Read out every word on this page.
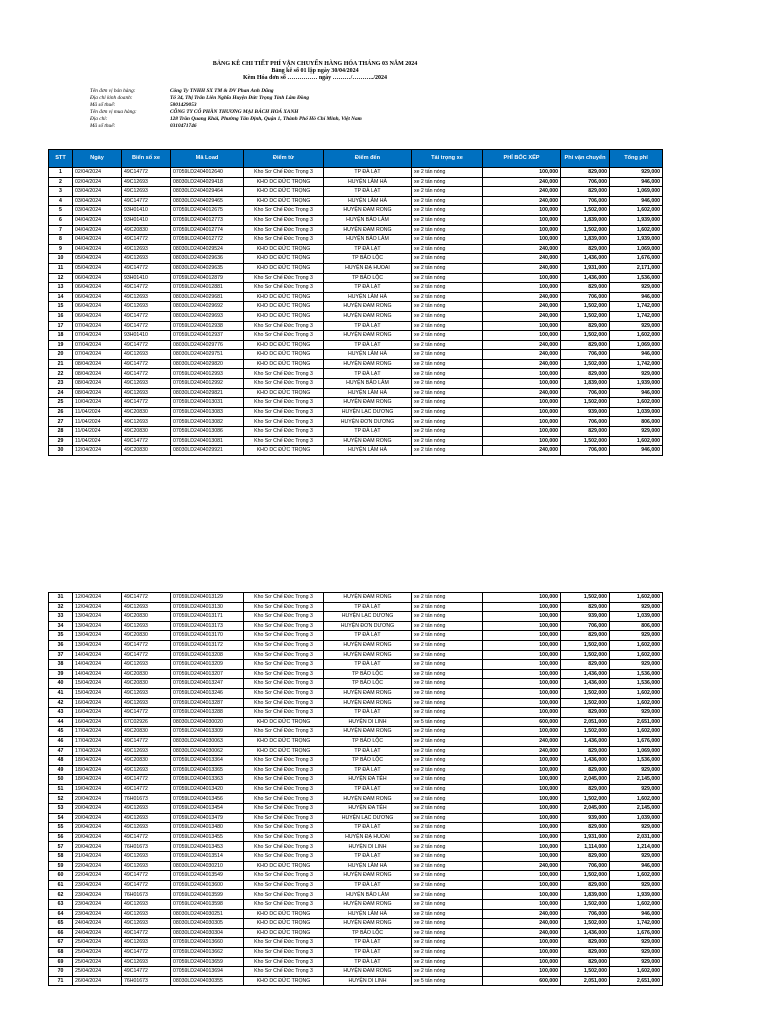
BẢNG KÊ CHI TIẾT PHÍ VẬN CHUYỂN HÀNG HÓA THÁNG 03 NĂM 2024
Bảng kê số 01 lập ngày 30/04/2024
Kèm Hóa đơn số …………… ngày ………/………../2024
Tên đơn vị bán hàng:	Công Ty TNHH SX TM & DV Phan Anh Dũng
Địa chỉ kinh doanh:	Tổ 34, Thị Trấn Liên Nghĩa Huyện Đức Trọng Tỉnh Lâm Đồng
Mã số thuế:	5801429053
Tên đơn vị mua hàng:	CÔNG TY CỔ PHẦN THƯƠNG MẠI BÁCH HOÁ XANH
Địa chỉ:	128 Trần Quang Khải, Phường Tân Định, Quận 1, Thành Phố Hồ Chí Minh, Việt Nam
Mã số thuế:	0310471746
STT	Ngày	Biển số xe	Mã Load	Điểm từ	Điểm đến	Tải trọng xe	PHÍ BỐC XẾP	Phí vận chuyển	Tổng phí
1	02/04/2024	49C14772	07059LD2404012640	Kho Sơ Chế Đức Trọng 3	TP ĐÀ LẠT	xe 2 tấn nóng	100,000	829,000	929,000
2	02/04/2024	49C12693	08030LD2404029418	KHO DC ĐỨC TRỌNG	HUYỆN LÂM HÀ	xe 2 tấn nóng	240,000	706,000	946,000
3	03/04/2024	49C12693	08030LD2404029464	KHO DC ĐỨC TRỌNG	TP ĐÀ LẠT	xe 2 tấn nóng	240,000	829,000	1,069,000
4	03/04/2024	49C14772	08030LD2404029465	KHO DC ĐỨC TRỌNG	HUYỆN LÂM HÀ	xe 2 tấn nóng	240,000	706,000	946,000
5	03/04/2024	93H01410	07059LD2404012675	Kho Sơ Chế Đức Trọng 3	HUYỆN ĐAM RONG	xe 2 tấn nóng	100,000	1,502,000	1,602,000
6	04/04/2024	93H01410	07059LD2404012773	Kho Sơ Chế Đức Trọng 3	HUYỆN BẢO LÂM	xe 2 tấn nóng	100,000	1,839,000	1,939,000
7	04/04/2024	49C20830	07059LD2404012774	Kho Sơ Chế Đức Trọng 3	HUYỆN ĐAM RONG	xe 2 tấn nóng	100,000	1,502,000	1,602,000
8	04/04/2024	49C14772	07059LD2404012772	Kho Sơ Chế Đức Trọng 3	HUYỆN BẢO LÂM	xe 2 tấn nóng	100,000	1,839,000	1,939,000
9	04/04/2024	49C12693	08030LD2404029524	KHO DC ĐỨC TRỌNG	TP ĐÀ LẠT	xe 2 tấn nóng	240,000	829,000	1,069,000
10	05/04/2024	49C12693	08030LD2404029636	KHO DC ĐỨC TRỌNG	TP BẢO LỘC	xe 2 tấn nóng	240,000	1,436,000	1,676,000
11	05/04/2024	49C14772	08030LD2404029635	KHO DC ĐỨC TRỌNG	HUYỆN ĐẠ HUOAI	xe 2 tấn nóng	240,000	1,931,000	2,171,000
12	06/04/2024	93H01410	07059LD2404012879	Kho Sơ Chế Đức Trọng 3	TP BẢO LỘC	xe 2 tấn nóng	100,000	1,436,000	1,536,000
13	06/04/2024	49C14772	07059LD2404012881	Kho Sơ Chế Đức Trọng 3	TP ĐÀ LẠT	xe 2 tấn nóng	100,000	829,000	929,000
14	06/04/2024	49C12693	08030LD2404029681	KHO DC ĐỨC TRỌNG	HUYỆN LÂM HÀ	xe 2 tấn nóng	240,000	706,000	946,000
15	06/04/2024	49C12693	08030LD2404029692	KHO DC ĐỨC TRỌNG	HUYỆN ĐAM RONG	xe 2 tấn nóng	240,000	1,502,000	1,742,000
16	06/04/2024	49C14772	08030LD2404029693	KHO DC ĐỨC TRỌNG	HUYỆN ĐAM RONG	xe 2 tấn nóng	240,000	1,502,000	1,742,000
17	07/04/2024	49C14772	07059LD2404012938	Kho Sơ Chế Đức Trọng 3	TP ĐÀ LẠT	xe 2 tấn nóng	100,000	829,000	929,000
18	07/04/2024	93H01410	07059LD2404012937	Kho Sơ Chế Đức Trọng 3	HUYỆN ĐAM RONG	xe 2 tấn nóng	100,000	1,502,000	1,602,000
19	07/04/2024	49C14772	08030LD2404029776	KHO DC ĐỨC TRỌNG	TP ĐÀ LẠT	xe 2 tấn nóng	240,000	829,000	1,069,000
20	07/04/2024	49C12693	08030LD2404029751	KHO DC ĐỨC TRỌNG	HUYỆN LÂM HÀ	xe 2 tấn nóng	240,000	706,000	946,000
21	08/04/2024	49C14772	08030LD2404029820	KHO DC ĐỨC TRỌNG	HUYỆN ĐAM RONG	xe 2 tấn nóng	240,000	1,502,000	1,742,000
22	08/04/2024	49C14772	07059LD2404012993	Kho Sơ Chế Đức Trọng 3	TP ĐÀ LẠT	xe 2 tấn nóng	100,000	829,000	929,000
23	08/04/2024	49C12693	07059LD2404012992	Kho Sơ Chế Đức Trọng 3	HUYỆN BẢO LÂM	xe 2 tấn nóng	100,000	1,839,000	1,939,000
24	08/04/2024	49C12693	08030LD2404029821	KHO DC ĐỨC TRỌNG	HUYỆN LÂM HÀ	xe 2 tấn nóng	240,000	706,000	946,000
25	10/04/2024	49C14772	07059LD2404013031	Kho Sơ Chế Đức Trọng 3	HUYỆN ĐAM RONG	xe 2 tấn nóng	100,000	1,502,000	1,602,000
26	11/04/2024	49C20830	07059LD2404013083	Kho Sơ Chế Đức Trọng 3	HUYỆN LẠC DƯƠNG	xe 2 tấn nóng	100,000	939,000	1,039,000
27	11/04/2024	49C12693	07059LD2404013082	Kho Sơ Chế Đức Trọng 3	HUYỆN ĐƠN DƯƠNG	xe 2 tấn nóng	100,000	706,000	806,000
28	11/04/2024	49C20830	07059LD2404013086	Kho Sơ Chế Đức Trọng 3	TP ĐÀ LẠT	xe 2 tấn nóng	100,000	829,000	929,000
29	11/04/2024	49C14772	07059LD2404013081	Kho Sơ Chế Đức Trọng 3	HUYỆN ĐAM RONG	xe 2 tấn nóng	100,000	1,502,000	1,602,000
30	12/04/2024	49C20830	08030LD2404029921	KHO DC ĐỨC TRỌNG	HUYỆN LÂM HÀ	xe 2 tấn nóng	240,000	706,000	946,000
31	12/04/2024	49C14772	07059LD2404013129	Kho Sơ Chế Đức Trọng 3	HUYỆN ĐAM RONG	xe 2 tấn nóng	100,000	1,502,000	1,602,000
32	12/04/2024	49C12693	07059LD2404013130	Kho Sơ Chế Đức Trọng 3	TP ĐÀ LẠT	xe 2 tấn nóng	100,000	829,000	929,000
33	13/04/2024	49C20830	07059LD2404013171	Kho Sơ Chế Đức Trọng 3	HUYỆN LẠC DƯƠNG	xe 2 tấn nóng	100,000	939,000	1,039,000
34	13/04/2024	49C12693	07059LD2404013173	Kho Sơ Chế Đức Trọng 3	HUYỆN ĐƠN DƯƠNG	xe 2 tấn nóng	100,000	706,000	806,000
35	13/04/2024	49C20830	07059LD2404013170	Kho Sơ Chế Đức Trọng 3	TP ĐÀ LẠT	xe 2 tấn nóng	100,000	829,000	929,000
36	13/04/2024	49C14772	07059LD2404013172	Kho Sơ Chế Đức Trọng 3	HUYỆN ĐAM RONG	xe 2 tấn nóng	100,000	1,502,000	1,602,000
37	14/04/2024	49C14772	07059LD2404013208	Kho Sơ Chế Đức Trọng 3	HUYỆN ĐAM RONG	xe 2 tấn nóng	100,000	1,502,000	1,602,000
38	14/04/2024	49C12693	07059LD2404013209	Kho Sơ Chế Đức Trọng 3	TP ĐÀ LẠT	xe 2 tấn nóng	100,000	829,000	929,000
39	14/04/2024	49C20830	07059LD2404013207	Kho Sơ Chế Đức Trọng 3	TP BẢO LỘC	xe 2 tấn nóng	100,000	1,436,000	1,536,000
40	15/04/2024	49C20830	07059LD2404013247	Kho Sơ Chế Đức Trọng 3	TP BẢO LỘC	xe 2 tấn nóng	100,000	1,436,000	1,536,000
41	15/04/2024	49C12693	07059LD2404013246	Kho Sơ Chế Đức Trọng 3	HUYỆN ĐAM RONG	xe 2 tấn nóng	100,000	1,502,000	1,602,000
42	16/04/2024	49C12693	07059LD2404013287	Kho Sơ Chế Đức Trọng 3	HUYỆN ĐAM RONG	xe 2 tấn nóng	100,000	1,502,000	1,602,000
43	16/04/2024	49C14772	07059LD2404013288	Kho Sơ Chế Đức Trọng 3	TP ĐÀ LẠT	xe 2 tấn nóng	100,000	829,000	929,000
44	16/04/2024	67C02926	08030LD2404030020	KHO DC ĐỨC TRỌNG	HUYỆN DI LINH	xe 5 tấn nóng	600,000	2,051,000	2,651,000
45	17/04/2024	49C20830	07059LD2404013309	Kho Sơ Chế Đức Trọng 3	HUYỆN ĐAM RONG	xe 2 tấn nóng	100,000	1,502,000	1,602,000
46	17/04/2024	49C14772	08030LD2404030063	KHO DC ĐỨC TRỌNG	TP BẢO LỘC	xe 2 tấn nóng	240,000	1,436,000	1,676,000
47	17/04/2024	49C12693	08030LD2404030062	KHO DC ĐỨC TRỌNG	TP ĐÀ LẠT	xe 2 tấn nóng	240,000	829,000	1,069,000
48	18/04/2024	49C20830	07059LD2404013364	Kho Sơ Chế Đức Trọng 3	TP BẢO LỘC	xe 2 tấn nóng	100,000	1,436,000	1,536,000
49	18/04/2024	49C12693	07059LD2404013365	Kho Sơ Chế Đức Trọng 3	TP ĐÀ LẠT	xe 2 tấn nóng	100,000	829,000	929,000
50	18/04/2024	49C14772	07059LD2404013363	Kho Sơ Chế Đức Trọng 3	HUYỆN ĐA TẺH	xe 2 tấn nóng	100,000	2,045,000	2,145,000
51	19/04/2024	49C14772	07059LD2404013420	Kho Sơ Chế Đức Trọng 3	TP ĐÀ LẠT	xe 2 tấn nóng	100,000	829,000	929,000
52	20/04/2024	76H01673	07059LD2404013456	Kho Sơ Chế Đức Trọng 3	HUYỆN ĐAM RONG	xe 2 tấn nóng	100,000	1,502,000	1,602,000
53	20/04/2024	49C12693	07059LD2404013454	Kho Sơ Chế Đức Trọng 3	HUYỆN ĐA TẺH	xe 2 tấn nóng	100,000	2,045,000	2,145,000
54	20/04/2024	49C12693	07059LD2404013479	Kho Sơ Chế Đức Trọng 3	HUYỆN LẠC DƯƠNG	xe 2 tấn nóng	100,000	939,000	1,039,000
55	20/04/2024	49C12693	07059LD2404013480	Kho Sơ Chế Đức Trọng 3	TP ĐÀ LẠT	xe 2 tấn nóng	100,000	829,000	929,000
56	20/04/2024	49C14772	07059LD2404013455	Kho Sơ Chế Đức Trọng 3	HUYỆN ĐẠ HUOAI	xe 2 tấn nóng	100,000	1,931,000	2,031,000
57	20/04/2024	76H01673	07059LD2404013453	Kho Sơ Chế Đức Trọng 3	HUYỆN DI LINH	xe 2 tấn nóng	100,000	1,114,000	1,214,000
58	21/04/2024	49C12693	07059LD2404013514	Kho Sơ Chế Đức Trọng 3	TP ĐÀ LẠT	xe 2 tấn nóng	100,000	829,000	929,000
59	22/04/2024	49C12693	08030LD2404030210	KHO DC ĐỨC TRỌNG	HUYỆN LÂM HÀ	xe 2 tấn nóng	240,000	706,000	946,000
60	22/04/2024	49C14772	07059LD2404013549	Kho Sơ Chế Đức Trọng 3	HUYỆN ĐAM RONG	xe 2 tấn nóng	100,000	1,502,000	1,602,000
61	23/04/2024	49C14772	07059LD2404013600	Kho Sơ Chế Đức Trọng 3	TP ĐÀ LẠT	xe 2 tấn nóng	100,000	829,000	929,000
62	23/04/2024	76H01673	07059LD2404013599	Kho Sơ Chế Đức Trọng 3	HUYỆN BẢO LÂM	xe 2 tấn nóng	100,000	1,839,000	1,939,000
63	23/04/2024	49C12693	07059LD2404013598	Kho Sơ Chế Đức Trọng 3	HUYỆN ĐAM RONG	xe 2 tấn nóng	100,000	1,502,000	1,602,000
64	23/04/2024	49C12693	08030LD2404030251	KHO DC ĐỨC TRỌNG	HUYỆN LÂM HÀ	xe 2 tấn nóng	240,000	706,000	946,000
65	24/04/2024	49C12693	08030LD2404030305	KHO DC ĐỨC TRỌNG	HUYỆN ĐAM RONG	xe 2 tấn nóng	240,000	1,502,000	1,742,000
66	24/04/2024	49C14772	08030LD2404030304	KHO DC ĐỨC TRỌNG	TP BẢO LỘC	xe 2 tấn nóng	240,000	1,436,000	1,676,000
67	25/04/2024	49C12693	07059LD2404013660	Kho Sơ Chế Đức Trọng 3	TP ĐÀ LẠT	xe 2 tấn nóng	100,000	829,000	929,000
68	25/04/2024	49C14772	07059LD2404013662	Kho Sơ Chế Đức Trọng 3	TP ĐÀ LẠT	xe 2 tấn nóng	100,000	829,000	929,000
69	25/04/2024	49C12693	07059LD2404013659	Kho Sơ Chế Đức Trọng 3	TP ĐÀ LẠT	xe 2 tấn nóng	100,000	829,000	929,000
70	25/04/2024	49C14772	07059LD2404013694	Kho Sơ Chế Đức Trọng 3	HUYỆN ĐAM RONG	xe 2 tấn nóng	100,000	1,502,000	1,602,000
71	26/04/2024	76H01673	08030LD2404030355	KHO DC ĐỨC TRỌNG	HUYỆN DI LINH	xe 5 tấn nóng	600,000	2,051,000	2,651,000
